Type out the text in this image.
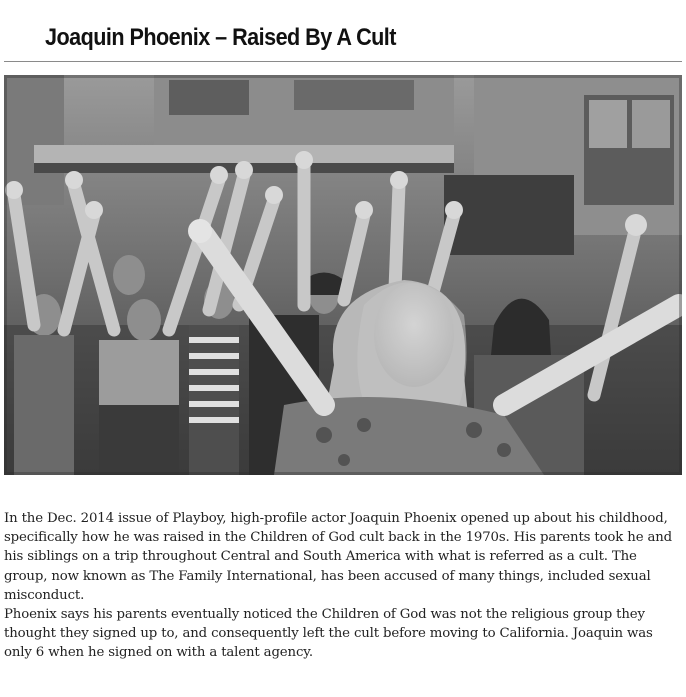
Joaquin Phoenix – Raised By A Cult

In the Dec. 2014 issue of Playboy, high-profile actor Joaquin Phoenix opened up about his childhood, specifically how he was raised in the Children of God cult back in the 1970s. His parents took he and his siblings on a trip throughout Central and South America with what is referred as a cult. The group, now known as The Family International, has been accused of many things, included sexual misconduct.

Phoenix says his parents eventually noticed the Children of God was not the religious group they thought they signed up to, and consequently left the cult before moving to California. Joaquin was only 6 when he signed on with a talent agency.
